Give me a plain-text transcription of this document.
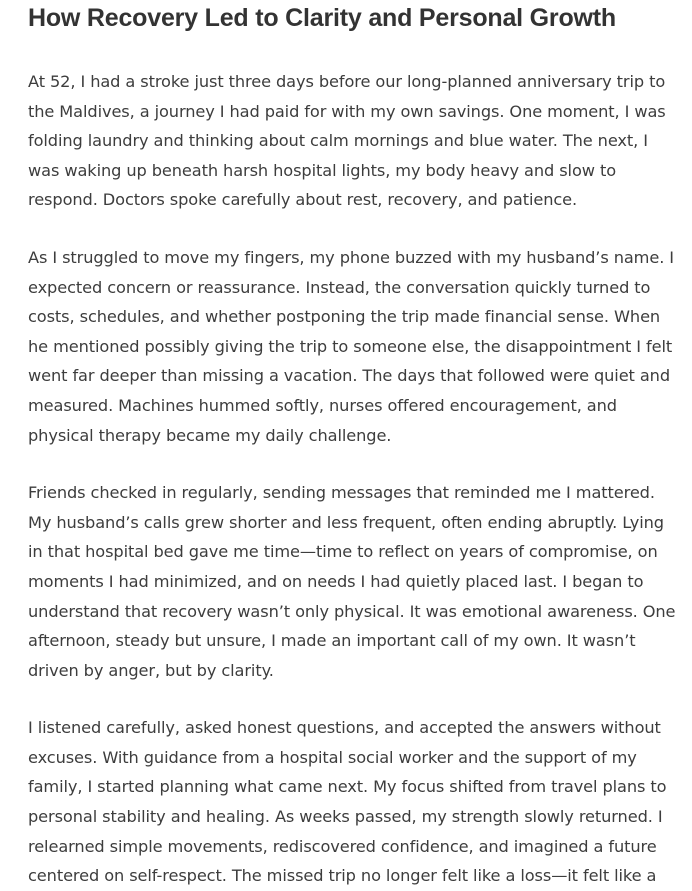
How Recovery Led to Clarity and Personal Growth

At 52, I had a stroke just three days before our long-planned anniversary trip to the Maldives, a journey I had paid for with my own savings. One moment, I was folding laundry and thinking about calm mornings and blue water. The next, I was waking up beneath harsh hospital lights, my body heavy and slow to respond. Doctors spoke carefully about rest, recovery, and patience.

As I struggled to move my fingers, my phone buzzed with my husband’s name. I expected concern or reassurance. Instead, the conversation quickly turned to costs, schedules, and whether postponing the trip made financial sense. When he mentioned possibly giving the trip to someone else, the disappointment I felt went far deeper than missing a vacation. The days that followed were quiet and measured. Machines hummed softly, nurses offered encouragement, and physical therapy became my daily challenge.

Friends checked in regularly, sending messages that reminded me I mattered. My husband’s calls grew shorter and less frequent, often ending abruptly. Lying in that hospital bed gave me time—time to reflect on years of compromise, on moments I had minimized, and on needs I had quietly placed last. I began to understand that recovery wasn’t only physical. It was emotional awareness. One afternoon, steady but unsure, I made an important call of my own. It wasn’t driven by anger, but by clarity.

I listened carefully, asked honest questions, and accepted the answers without excuses. With guidance from a hospital social worker and the support of my family, I started planning what came next. My focus shifted from travel plans to personal stability and healing. As weeks passed, my strength slowly returned. I relearned simple movements, rediscovered confidence, and imagined a future centered on self-respect. The missed trip no longer felt like a loss—it felt like a
